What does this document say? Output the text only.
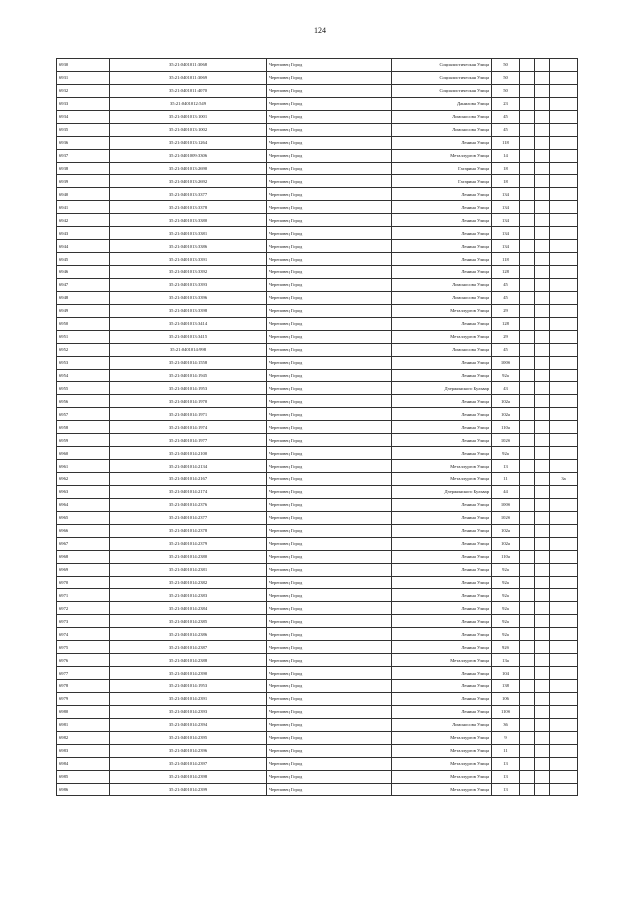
124
6930	35:21:0401011:3068	Череповец Город	Социалистическая Улица	50			
6931	35:21:0401011:3069	Череповец Город	Социалистическая Улица	50			
6932	35:21:0401011:4070	Череповец Город	Социалистическая Улица	50			
6933	35:21:0401012:549	Череповец Город	Данилова Улица	23			
6934	35:21:0401013:1001	Череповец Город	Ломоносова Улица	45			
6935	35:21:0401013:1002	Череповец Город	Ломоносова Улица	45			
6936	35:21:0401013:1264	Череповец Город	Ленина Улица	118			
6937	35:21:0401009:3306	Череповец Город	Металлургов Улица	14			
6938	35:21:0401013:2690	Череповец Город	Гагарина Улица	18			
6939	35:21:0401013:2692	Череповец Город	Гагарина Улица	18			
6940	35:21:0401013:3377	Череповец Город	Ленина Улица	134			
6941	35:21:0401013:3378	Череповец Город	Ленина Улица	134			
6942	35:21:0401013:3380	Череповец Город	Ленина Улица	134			
6943	35:21:0401013:3381	Череповец Город	Ленина Улица	134			
6944	35:21:0401013:3386	Череповец Город	Ленина Улица	134			
6945	35:21:0401013:3391	Череповец Город	Ленина Улица	118			
6946	35:21:0401013:3392	Череповец Город	Ленина Улица	128			
6947	35:21:0401013:3393	Череповец Город	Ломоносова Улица	45			
6948	35:21:0401013:3396	Череповец Город	Ломоносова Улица	45			
6949	35:21:0401013:3398	Череповец Город	Металлургов Улица	29			
6950	35:21:0401013:3414	Череповец Город	Ленина Улица	128			
6951	35:21:0401013:3415	Череповец Город	Металлургов Улица	29			
6952	35:21:0401014:998	Череповец Город	Ломоносова Улица	45			
6953	35:21:0401014:1558	Череповец Город	Ленина Улица	100б			
6954	35:21:0401014:1945	Череповец Город	Ленина Улица	92а			
6955	35:21:0401014:1953	Череповец Город	Дзержинского Бульвар	43			
6956	35:21:0401014:1970	Череповец Город	Ленина Улица	102а			
6957	35:21:0401014:1971	Череповец Город	Ленина Улица	102а			
6958	35:21:0401014:1974	Череповец Город	Ленина Улица	110а			
6959	35:21:0401014:1977	Череповец Город	Ленина Улица	102б			
6960	35:21:0401014:2100	Череповец Город	Ленина Улица	92а			
6961	35:21:0401014:2134	Череповец Город	Металлургов Улица	13			
6962	35:21:0401014:2167	Череповец Город	Металлургов Улица	11			3а
6963	35:21:0401014:2174	Череповец Город	Дзержинского Бульвар	44			
6964	35:21:0401014:2376	Череповец Город	Ленина Улица	100б			
6965	35:21:0401014:2377	Череповец Город	Ленина Улица	102б			
6966	35:21:0401014:2378	Череповец Город	Ленина Улица	102а			
6967	35:21:0401014:2379	Череповец Город	Ленина Улица	102а			
6968	35:21:0401014:2380	Череповец Город	Ленина Улица	110а			
6969	35:21:0401014:2381	Череповец Город	Ленина Улица	92а			
6970	35:21:0401014:2382	Череповец Город	Ленина Улица	92а			
6971	35:21:0401014:2383	Череповец Город	Ленина Улица	92а			
6972	35:21:0401014:2384	Череповец Город	Ленина Улица	92а			
6973	35:21:0401014:2385	Череповец Город	Ленина Улица	92а			
6974	35:21:0401014:2386	Череповец Город	Ленина Улица	92а			
6975	35:21:0401014:2387	Череповец Город	Ленина Улица	92б			
6976	35:21:0401014:2388	Череповец Город	Металлургов Улица	13а			
6977	35:21:0401014:2390	Череповец Город	Ленина Улица	104			
6978	35:21:0401014:1953	Череповец Город	Ленина Улица	138			
6979	35:21:0401014:2391	Череповец Город	Ленина Улица	106			
6980	35:21:0401014:2393	Череповец Город	Ленина Улица	110б			
6981	35:21:0401014:2394	Череповец Город	Ломоносова Улица	36			
6982	35:21:0401014:2395	Череповец Город	Металлургов Улица	9			
6983	35:21:0401014:2396	Череповец Город	Металлургов Улица	11			
6984	35:21:0401014:2397	Череповец Город	Металлургов Улица	13			
6985	35:21:0401014:2398	Череповец Город	Металлургов Улица	13			
6986	35:21:0401014:2399	Череповец Город	Металлургов Улица	13			
